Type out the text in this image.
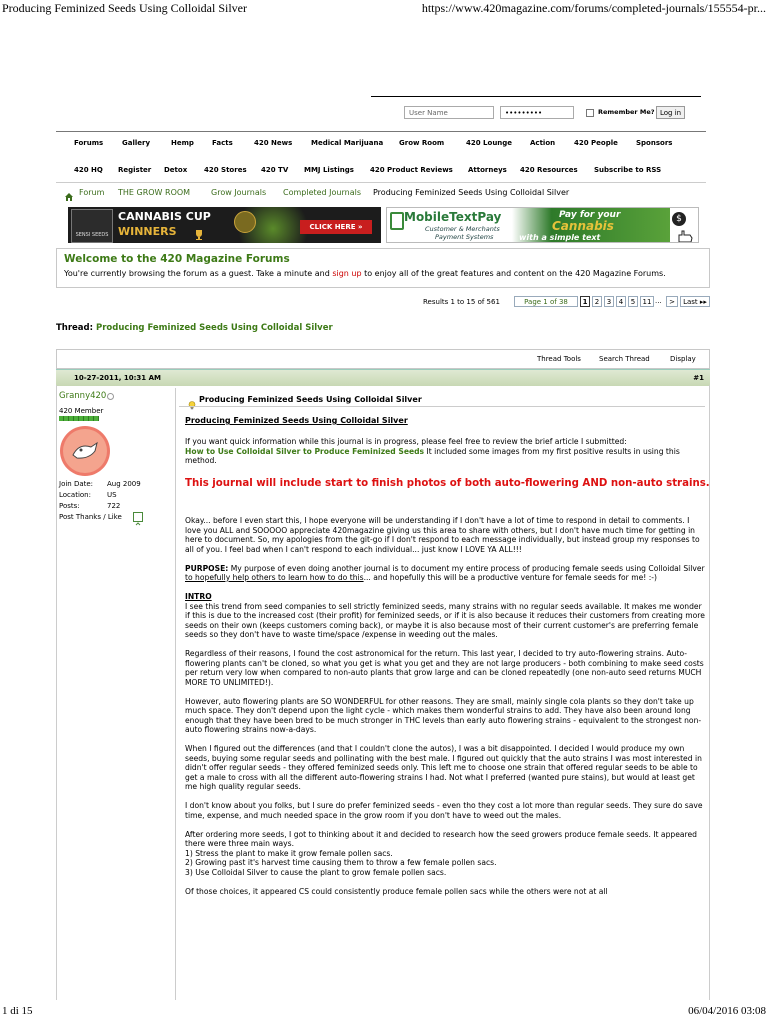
Producing Feminized Seeds Using Colloidal Silver	https://www.420magazine.com/forums/completed-journals/155554-pr...
User Name	•••••••••	Remember Me? Log in
Forums	Gallery	Hemp	Facts	420 News	Medical Marijuana Grow Room	420 Lounge	Action	420 People	Sponsors
420 HQ Register Detox 420 Stores 420 TV MMJ Listings 420 Product Reviews Attorneys 420 Resources Subscribe to RSS
Forum THE GROW ROOM	Grow Journals Completed Journals Producing Feminized Seeds Using Colloidal Silver
SENSI SEEDS
CANNABIS CUP
WINNERS	CLICK HERE »
MobileTextPay
Customer & Merchants
Payment Systems
Pay for your
Cannabis
with a simple text
$
Welcome to the 420 Magazine Forums

You're currently browsing the forum as a guest. Take a minute and sign up to enjoy all of the great features and content on the 420 Magazine Forums.

Results 1 to 15 of 561	Page 1 of 38	1	2	3	4	5	11 ...	>	Last ▸▸
Thread: Producing Feminized Seeds Using Colloidal Silver
Thread Tools	Search Thread	Display
10-27-2011, 10:31 AM	#1
Granny420
420 Member
Join Date: Aug 2009
Location: US
Posts:	722
Post Thanks / Like
Producing Feminized Seeds Using Colloidal Silver
Producing Feminized Seeds Using Colloidal Silver

If you want quick information while this journal is in progress, please feel free to review the brief article I submitted:
How to Use Colloidal Silver to Produce Feminized Seeds It included some images from my first positive results in using this method.

This journal will include start to finish photos of both auto-flowering AND non-auto strains.

Okay... before I even start this, I hope everyone will be understanding if I don't have a lot of time to respond in detail to comments. I love you ALL and SOOOOO appreciate 420magazine giving us this area to share with others, but I don't have much time for getting in here to document. So, my apologies from the git-go if I don't respond to each message individually, but instead group my responses to all of you. I feel bad when I can't respond to each individual... just know I LOVE YA ALL!!!

PURPOSE: My purpose of even doing another journal is to document my entire process of producing female seeds using Colloidal Silver to hopefully help others to learn how to do this... and hopefully this will be a productive venture for female seeds for me! :-)

INTRO
I see this trend from seed companies to sell strictly feminized seeds, many strains with no regular seeds available. It makes me wonder if this is due to the increased cost (their profit) for feminized seeds, or if it is also because it reduces their customers from creating more seeds on their own (keeps customers coming back), or maybe it is also because most of their current customer's are preferring female seeds so they don't have to waste time/space /expense in weeding out the males.

Regardless of their reasons, I found the cost astronomical for the return. This last year, I decided to try auto-flowering strains. Auto-flowering plants can't be cloned, so what you get is what you get and they are not large producers - both combining to make seed costs per return very low when compared to non-auto plants that grow large and can be cloned repeatedly (one non-auto seed returns MUCH MORE TO UNLIMITED!).

However, auto flowering plants are SO WONDERFUL for other reasons. They are small, mainly single cola plants so they don't take up much space. They don't depend upon the light cycle - which makes them wonderful strains to add. They have also been around long enough that they have been bred to be much stronger in THC levels than early auto flowering strains - equivalent to the strongest non-auto flowering strains now-a-days.

When I figured out the differences (and that I couldn't clone the autos), I was a bit disappointed. I decided I would produce my own seeds, buying some regular seeds and pollinating with the best male. I figured out quickly that the auto strains I was most interested in didn't offer regular seeds - they offered feminized seeds only. This left me to choose one strain that offered regular seeds to be able to get a male to cross with all the different auto-flowering strains I had. Not what I preferred (wanted pure stains), but would at least get me high quality regular seeds.

I don't know about you folks, but I sure do prefer feminized seeds - even tho they cost a lot more than regular seeds. They sure do save time, expense, and much needed space in the grow room if you don't have to weed out the males.

After ordering more seeds, I got to thinking about it and decided to research how the seed growers produce female seeds. It appeared there were three main ways.
1) Stress the plant to make it grow female pollen sacs.
2) Growing past it's harvest time causing them to throw a few female pollen sacs.
3) Use Colloidal Silver to cause the plant to grow female pollen sacs.

Of those choices, it appeared CS could consistently produce female pollen sacs while the others were not at all

1 di 15	06/04/2016 03:08
